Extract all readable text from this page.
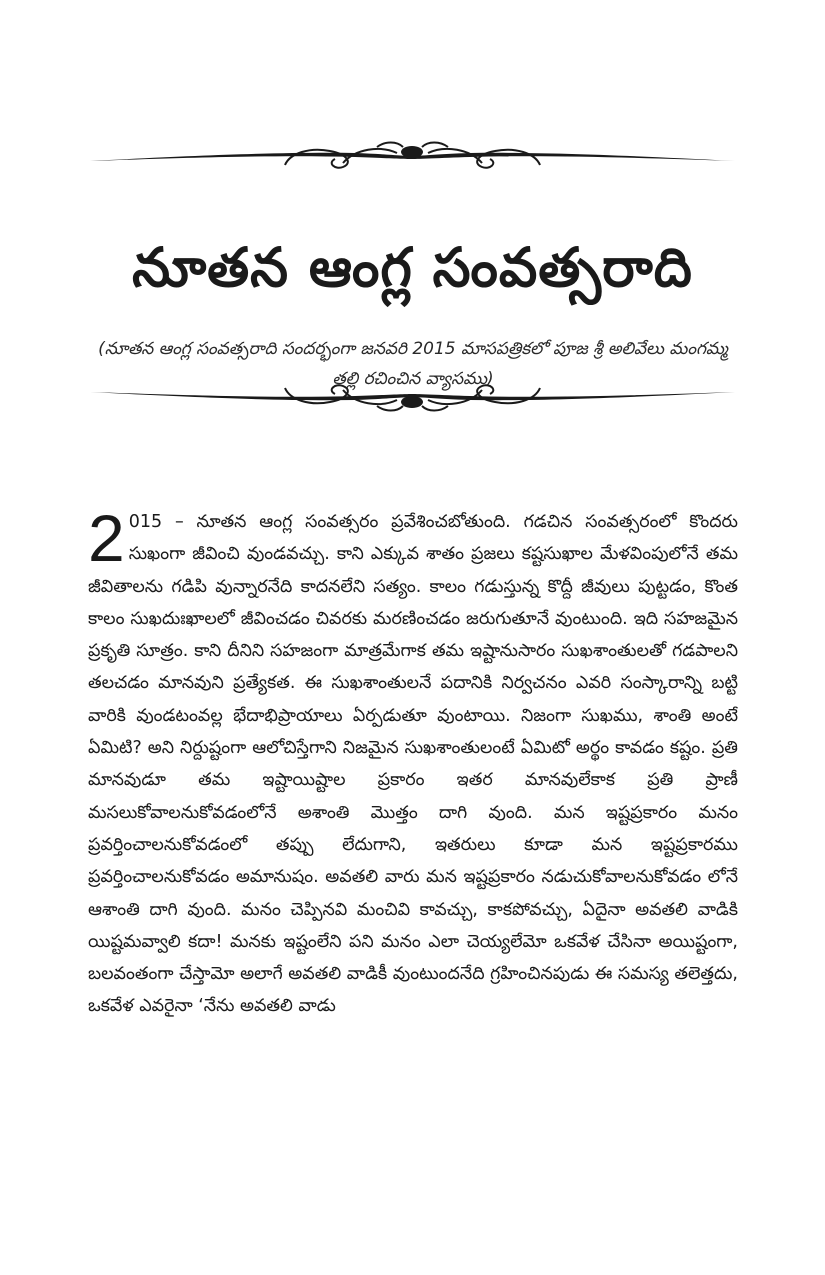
నూతన ఆంగ్ల సంవత్సరాది

(నూతన ఆంగ్ల సంవత్సరాది సందర్భంగా జనవరి 2015 మాసపత్రికలో పూజ శ్రీ అలివేలు మంగమ్మ తల్లి రచించిన వ్యాసము)

2 015 – నూతన ఆంగ్ల సంవత్సరం ప్రవేశించబోతుంది. గడచిన సంవత్సరంలో కొందరు సుఖంగా జీవించి వుండవచ్చు. కాని ఎక్కువ శాతం ప్రజలు కష్టసుఖాల మేళవింపులోనే తమ జీవితాలను గడిపి వున్నారనేది కాదనలేని సత్యం. కాలం గడుస్తున్న కొద్దీ జీవులు పుట్టడం, కొంత కాలం సుఖదుఃఖాలలో జీవించడం చివరకు మరణించడం జరుగుతూనే వుంటుంది. ఇది సహజమైన ప్రకృతి సూత్రం. కాని దీనిని సహజంగా మాత్రమేగాక తమ ఇష్టానుసారం సుఖశాంతులతో గడపాలని తలచడం మానవుని ప్రత్యేకత. ఈ సుఖశాంతులనే పదానికి నిర్వచనం ఎవరి సంస్కారాన్ని బట్టి వారికి వుండటంవల్ల భేదాభిప్రాయాలు ఏర్పడుతూ వుంటాయి. నిజంగా సుఖము, శాంతి అంటే ఏమిటి? అని నిర్దుష్టంగా ఆలోచిస్తేగాని నిజమైన సుఖశాంతులంటే ఏమిటో అర్థం కావడం కష్టం. ప్రతి మానవుడూ తమ ఇష్టాయిష్టాల ప్రకారం ఇతర మానవులేకాక ప్రతి ప్రాణీ మసలుకోవాలనుకోవడంలోనే అశాంతి మొత్తం దాగి వుంది. మన ఇష్టప్రకారం మనం ప్రవర్తించాలనుకోవడంలో తప్పు లేదుగాని, ఇతరులు కూడా మన ఇష్టప్రకారము ప్రవర్తించాలనుకోవడం అమానుషం. అవతలి వారు మన ఇష్టప్రకారం నడుచుకోవాలనుకోవడం లోనే ఆశాంతి దాగి వుంది. మనం చెప్పినవి మంచివి కావచ్చు, కాకపోవచ్చు, ఏదైనా అవతలి వాడికి యిష్టమవ్వాలి కదా! మనకు ఇష్టంలేని పని మనం ఎలా చెయ్యలేమో ఒకవేళ చేసినా అయిష్టంగా, బలవంతంగా చేస్తామో అలాగే అవతలి వాడికీ వుంటుందనేది గ్రహించినపుడు ఈ సమస్య తలెత్తదు, ఒకవేళ ఎవరైనా ‘నేను అవతలి వాడు
